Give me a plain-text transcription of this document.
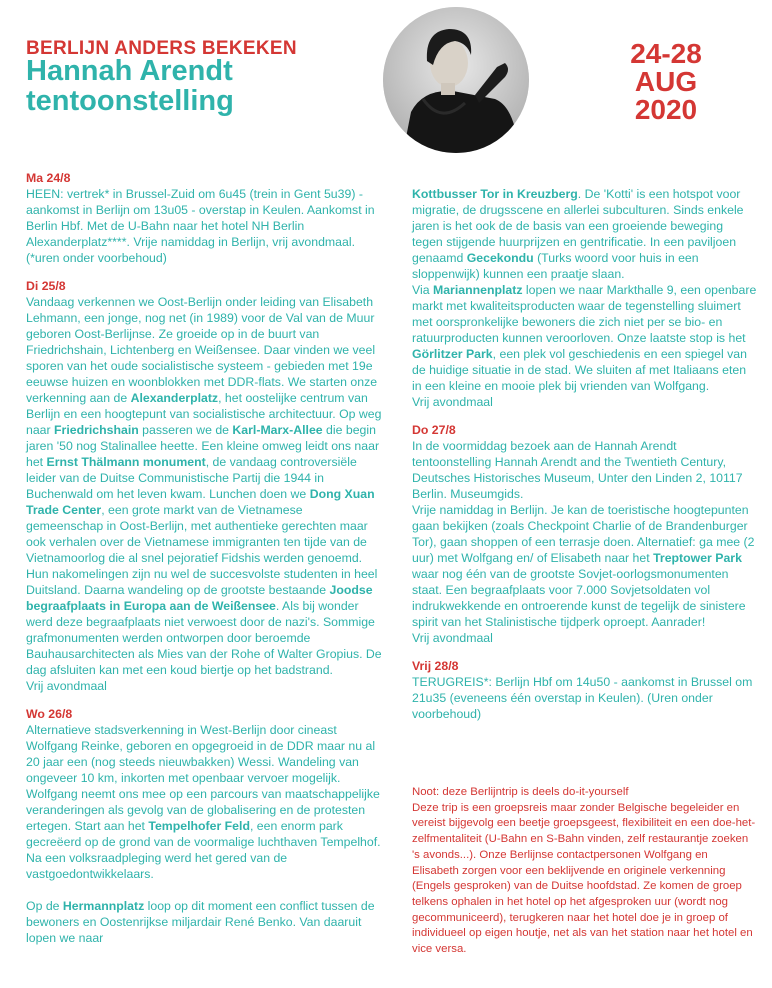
BERLIJN ANDERS BEKEKEN
Hannah Arendt
tentoonstelling
24-28
AUG
2020
Ma 24/8
HEEN: vertrek* in Brussel-Zuid om 6u45 (trein in Gent 5u39) - aankomst in Berlijn om 13u05 - overstap in Keulen. Aankomst in Berlin Hbf. Met de U-Bahn naar het hotel NH Berlin Alexanderplatz****. Vrije namiddag in Berlijn, vrij avondmaal. (*uren onder voorbehoud)
Di 25/8
Vandaag verkennen we Oost-Berlijn onder leiding van Elisabeth Lehmann, een jonge, nog net (in 1989) voor de Val van de Muur geboren Oost-Berlijnse. Ze groeide op in de buurt van Friedrichshain, Lichtenberg en Weißensee. Daar vinden we veel sporen van het oude socialistische systeem - gebieden met 19e eeuwse huizen en woonblokken met DDR-flats. We starten onze verkenning aan de Alexanderplatz, het oostelijke centrum van Berlijn en een hoogtepunt van socialistische architectuur. Op weg naar Friedrichshain passeren we de Karl-Marx-Allee die begin jaren '50 nog Stalinallee heette. Een kleine omweg leidt ons naar het Ernst Thälmann monument, de vandaag controversiële leider van de Duitse Communistische Partij die 1944 in Buchenwald om het leven kwam. Lunchen doen we Dong Xuan Trade Center, een grote markt van de Vietnamese gemeenschap in Oost-Berlijn, met authentieke gerechten maar ook verhalen over de Vietnamese immigranten ten tijde van de Vietnamoorlog die al snel pejoratief Fidshis werden genoemd. Hun nakomelingen zijn nu wel de succesvolste studenten in heel Duitsland. Daarna wandeling op de grootste bestaande Joodse begraafplaats in Europa aan de Weißensee. Als bij wonder werd deze begraafplaats niet verwoest door de nazi's. Sommige grafmonumenten werden ontworpen door beroemde Bauhausarchitecten als Mies van der Rohe of Walter Gropius. De dag afsluiten kan met een koud biertje op het badstrand.
Vrij avondmaal
Wo 26/8
Alternatieve stadsverkenning in West-Berlijn door cineast Wolfgang Reinke, geboren en opgegroeid in de DDR maar nu al 20 jaar een (nog steeds nieuwbakken) Wessi. Wandeling van ongeveer 10 km, inkorten met openbaar vervoer mogelijk. Wolfgang neemt ons mee op een parcours van maatschappelijke veranderingen als gevolg van de globalisering en de protesten ertegen. Start aan het Tempelhofer Feld, een enorm park gecreëerd op de grond van de voormalige luchthaven Tempelhof. Na een volksraadpleging werd het gered van de vastgoedontwikkelaars.
Op de Hermannplatz loop op dit moment een conflict tussen de bewoners en Oostenrijkse miljardair René Benko. Van daaruit lopen we naar
Kottbusser Tor in Kreuzberg. De 'Kotti' is een hotspot voor migratie, de drugsscene en allerlei subculturen. Sinds enkele jaren is het ook de de basis van een groeiende beweging tegen stijgende huurprijzen en gentrificatie. In een paviljoen genaamd Gecekondu (Turks woord voor huis in een sloppenwijk) kunnen een praatje slaan.
Via Mariannenplatz lopen we naar Markthalle 9, een openbare markt met kwaliteitsproducten waar de tegenstelling sluimert met oorspronkelijke bewoners die zich niet per se bio- en ratuurproducten kunnen veroorloven. Onze laatste stop is het Görlitzer Park, een plek vol geschiedenis en een spiegel van de huidige situatie in de stad. We sluiten af met Italiaans eten in een kleine en mooie plek bij vrienden van Wolfgang.
Vrij avondmaal
Do 27/8
In de voormiddag bezoek aan de Hannah Arendt tentoonstelling Hannah Arendt and the Twentieth Century, Deutsches Historisches Museum, Unter den Linden 2, 10117 Berlin. Museumgids.
Vrije namiddag in Berlijn. Je kan de toeristische hoogtepunten gaan bekijken (zoals Checkpoint Charlie of de Brandenburger Tor), gaan shoppen of een terrasje doen. Alternatief: ga mee (2 uur) met Wolfgang en/ of Elisabeth naar het Treptower Park waar nog één van de grootste Sovjet-oorlogsmonumenten staat. Een begraafplaats voor 7.000 Sovjetsoldaten vol indrukwekkende en ontroerende kunst de tegelijk de sinistere spirit van het Stalinistische tijdperk oproept. Aanrader!
Vrij avondmaal
Vrij 28/8
TERUGREIS*: Berlijn Hbf om 14u50 - aankomst in Brussel om 21u35 (eveneens één overstap in Keulen). (Uren onder voorbehoud)
Noot: deze Berlijntrip is deels do-it-yourself
Deze trip is een groepsreis maar zonder Belgische begeleider en vereist bijgevolg een beetje groepsgeest, flexibiliteit en een doe-het-zelfmentaliteit (U-Bahn en S-Bahn vinden, zelf restaurantje zoeken 's avonds...). Onze Berlijnse contactpersonen Wolfgang en Elisabeth zorgen voor een beklijvende en originele verkenning (Engels gesproken) van de Duitse hoofdstad. Ze komen de groep telkens ophalen in het hotel op het afgesproken uur (wordt nog gecommuniceerd), terugkeren naar het hotel doe je in groep of individueel op eigen houtje, net als van het station naar het hotel en vice versa.
